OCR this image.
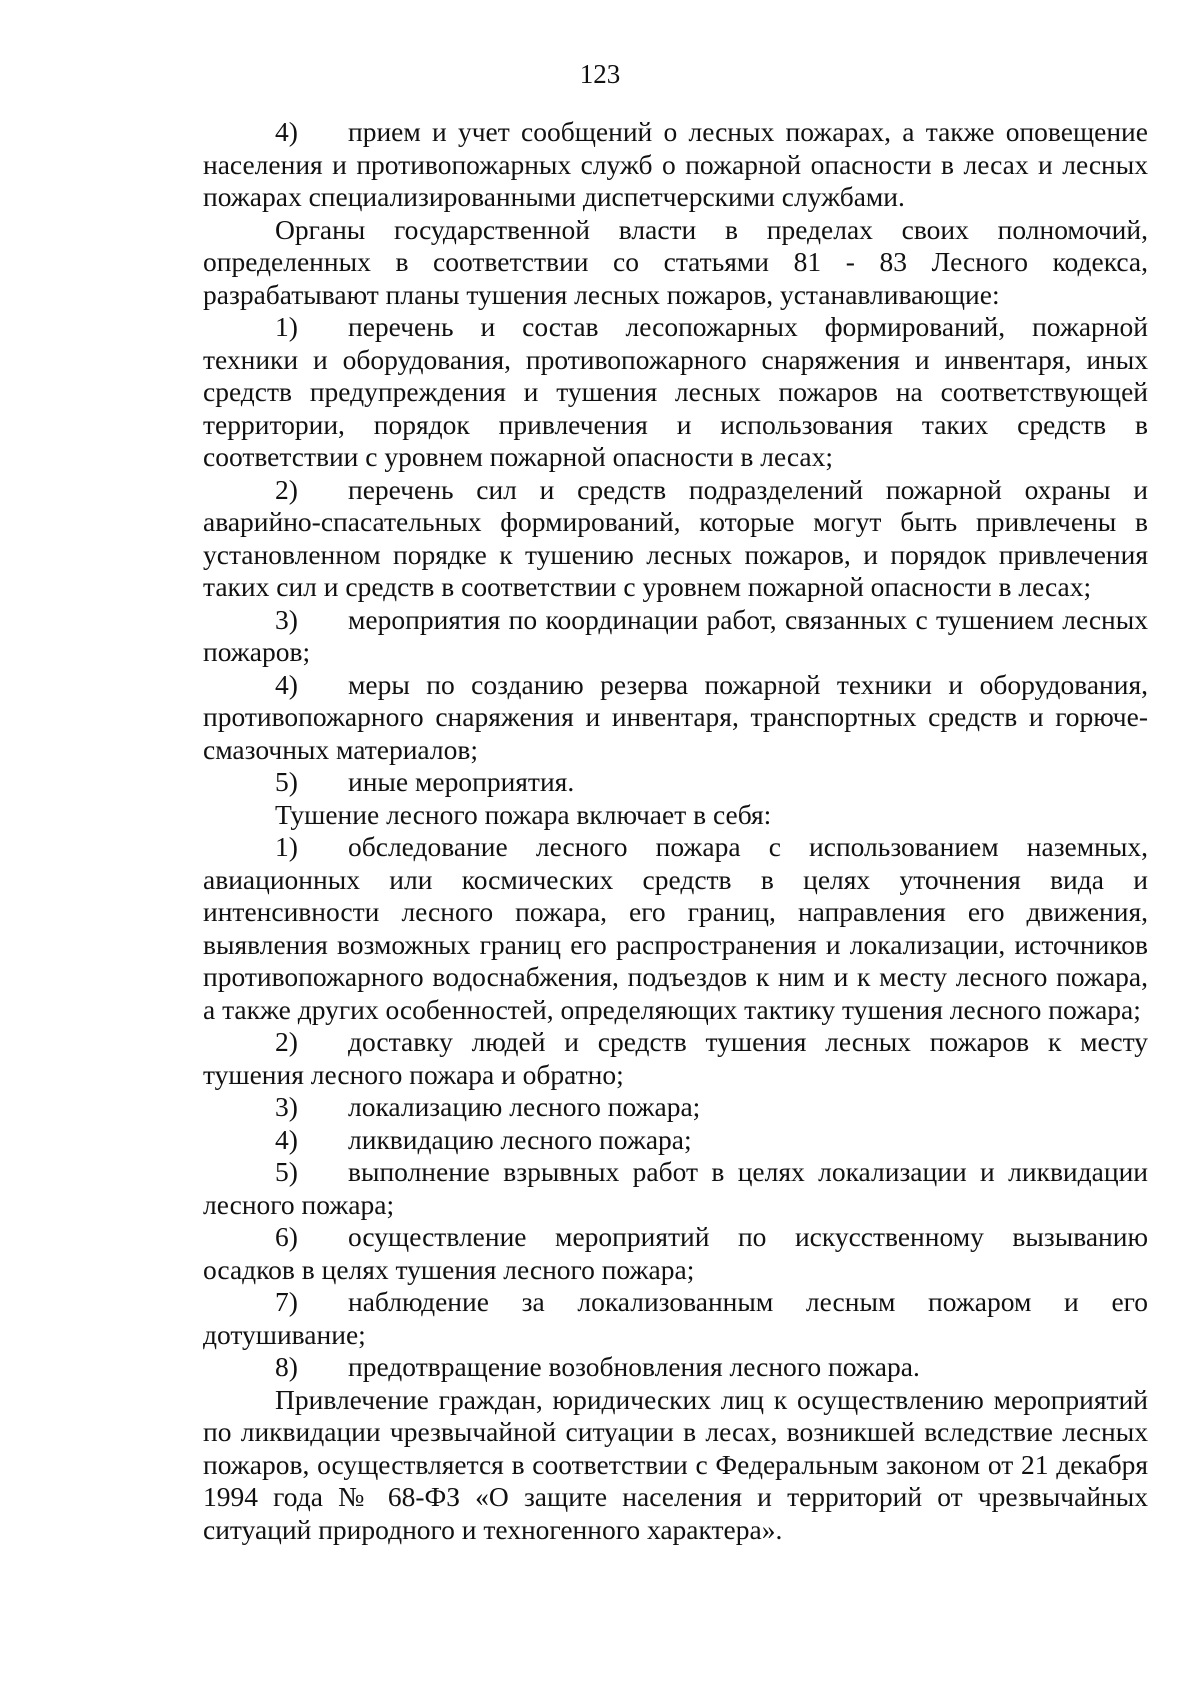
123

4) прием и учет сообщений о лесных пожарах, а также оповещение населения и противопожарных служб о пожарной опасности в лесах и лесных пожарах специализированными диспетчерскими службами.

Органы государственной власти в пределах своих полномочий, определенных в соответствии со статьями 81 - 83 Лесного кодекса, разрабатывают планы тушения лесных пожаров, устанавливающие:

1) перечень и состав лесопожарных формирований, пожарной техники и оборудования, противопожарного снаряжения и инвентаря, иных средств предупреждения и тушения лесных пожаров на соответствующей территории, порядок привлечения и использования таких средств в соответствии с уровнем пожарной опасности в лесах;

2) перечень сил и средств подразделений пожарной охраны и аварийно-спасательных формирований, которые могут быть привлечены в установленном порядке к тушению лесных пожаров, и порядок привлечения таких сил и средств в соответствии с уровнем пожарной опасности в лесах;

3) мероприятия по координации работ, связанных с тушением лесных пожаров;

4) меры по созданию резерва пожарной техники и оборудования, противопожарного снаряжения и инвентаря, транспортных средств и горюче-смазочных материалов;

5) иные мероприятия.

Тушение лесного пожара включает в себя:

1) обследование лесного пожара с использованием наземных, авиационных или космических средств в целях уточнения вида и интенсивности лесного пожара, его границ, направления его движения, выявления возможных границ его распространения и локализации, источников противопожарного водоснабжения, подъездов к ним и к месту лесного пожара, а также других особенностей, определяющих тактику тушения лесного пожара;

2) доставку людей и средств тушения лесных пожаров к месту тушения лесного пожара и обратно;

3) локализацию лесного пожара;

4) ликвидацию лесного пожара;

5) выполнение взрывных работ в целях локализации и ликвидации лесного пожара;

6) осуществление мероприятий по искусственному вызыванию осадков в целях тушения лесного пожара;

7) наблюдение за локализованным лесным пожаром и его дотушивание;

8) предотвращение возобновления лесного пожара.

Привлечение граждан, юридических лиц к осуществлению мероприятий по ликвидации чрезвычайной ситуации в лесах, возникшей вследствие лесных пожаров, осуществляется в соответствии с Федеральным законом от 21 декабря 1994 года № 68-ФЗ «О защите населения и территорий от чрезвычайных ситуаций природного и техногенного характера».
